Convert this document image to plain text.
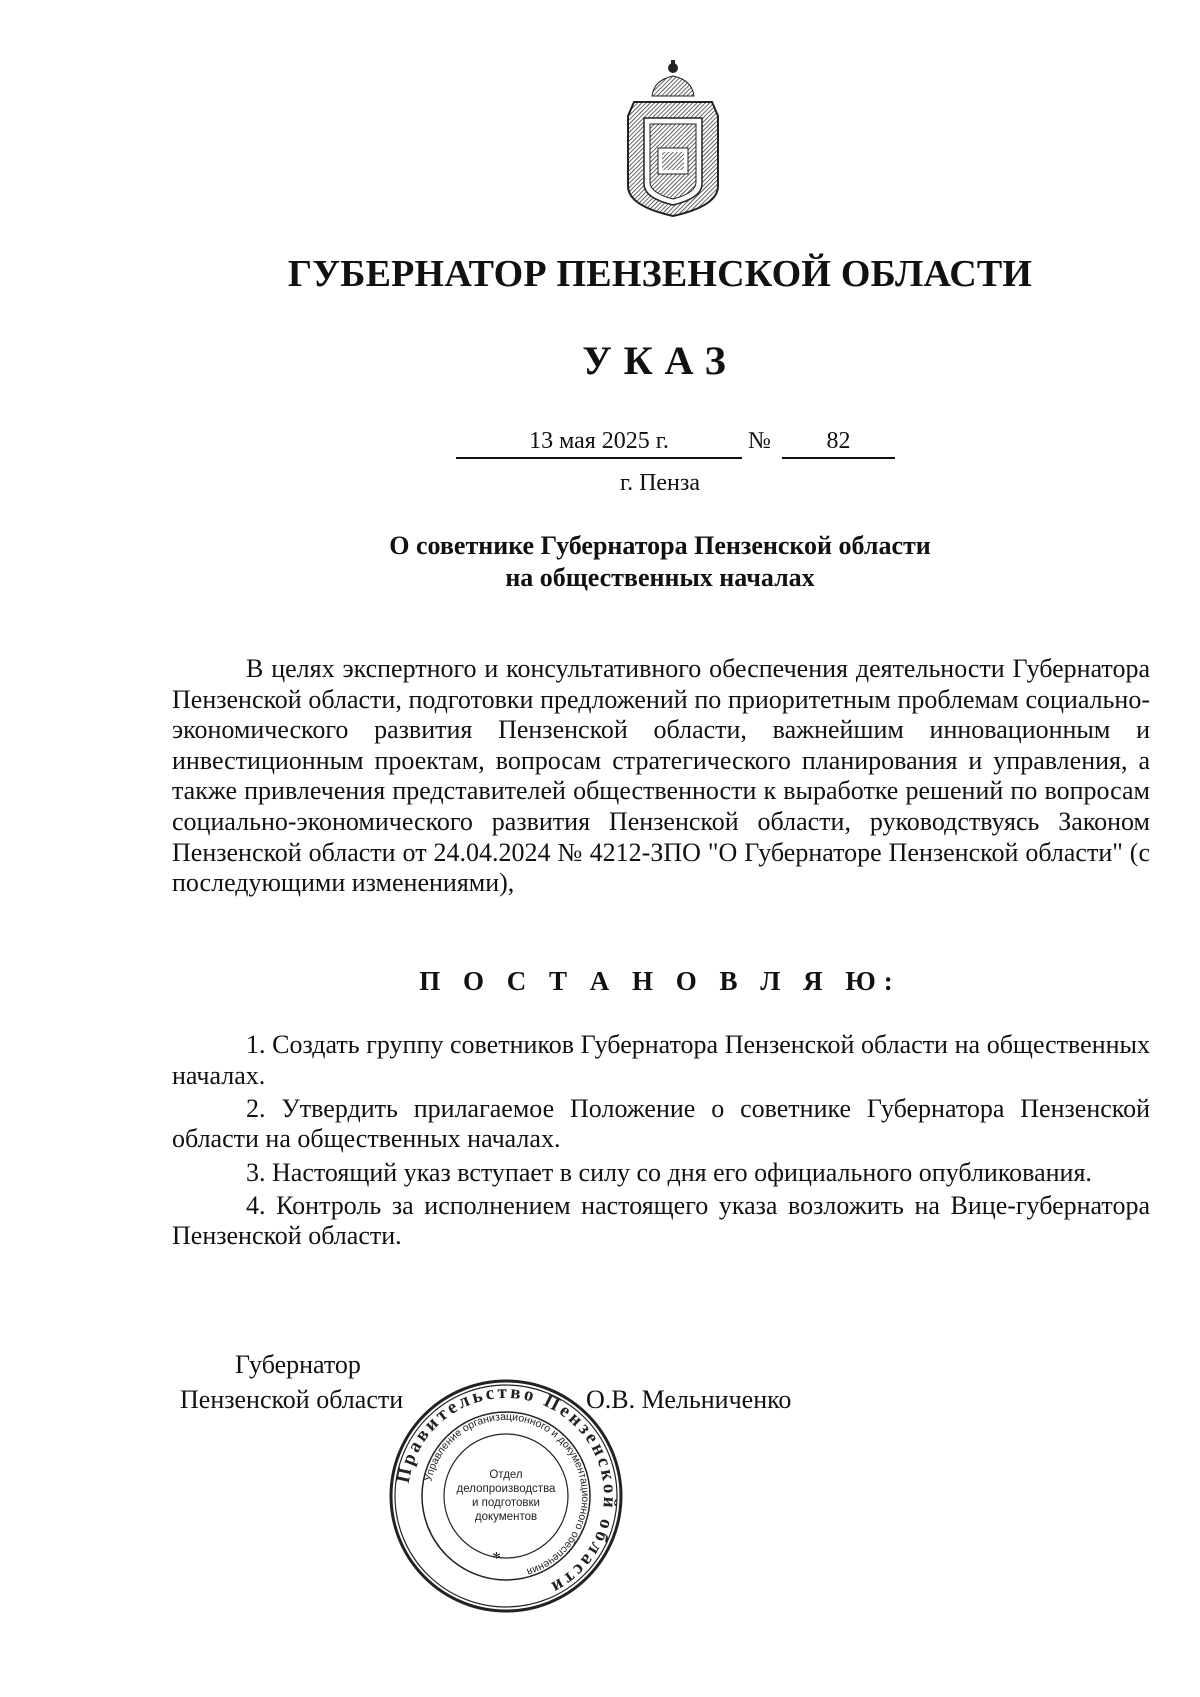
ГУБЕРНАТОР ПЕНЗЕНСКОЙ ОБЛАСТИ
УКАЗ
13 мая 2025 г.	№	82
г. Пенза
О советнике Губернатора Пензенской области
на общественных началах
В целях экспертного и консультативного обеспечения деятельности Губернатора Пензенской области, подготовки предложений по приоритетным проблемам социально-экономического развития Пензенской области, важнейшим инновационным и инвестиционным проектам, вопросам стратегического планирования и управления, а также привлечения представителей общественности к выработке решений по вопросам социально-экономического развития Пензенской области, руководствуясь Законом Пензенской области от 24.04.2024 № 4212-ЗПО "О Губернаторе Пензенской области" (с последующими изменениями),
П О С Т А Н О В Л Я Ю:

1. Создать группу советников Губернатора Пензенской области на общественных началах.

2. Утвердить прилагаемое Положение о советнике Губернатора Пензенской области на общественных началах.

3. Настоящий указ вступает в силу со дня его официального опубликования.

4. Контроль за исполнением настоящего указа возложить на Вице-губернатора Пензенской области.

Губернатор
Пензенской области	О.В. Мельниченко
Правительство Пензенской области
Управление организационного и документационного обеспечения
Отдел
делопроизводства
и подготовки
документов
*
